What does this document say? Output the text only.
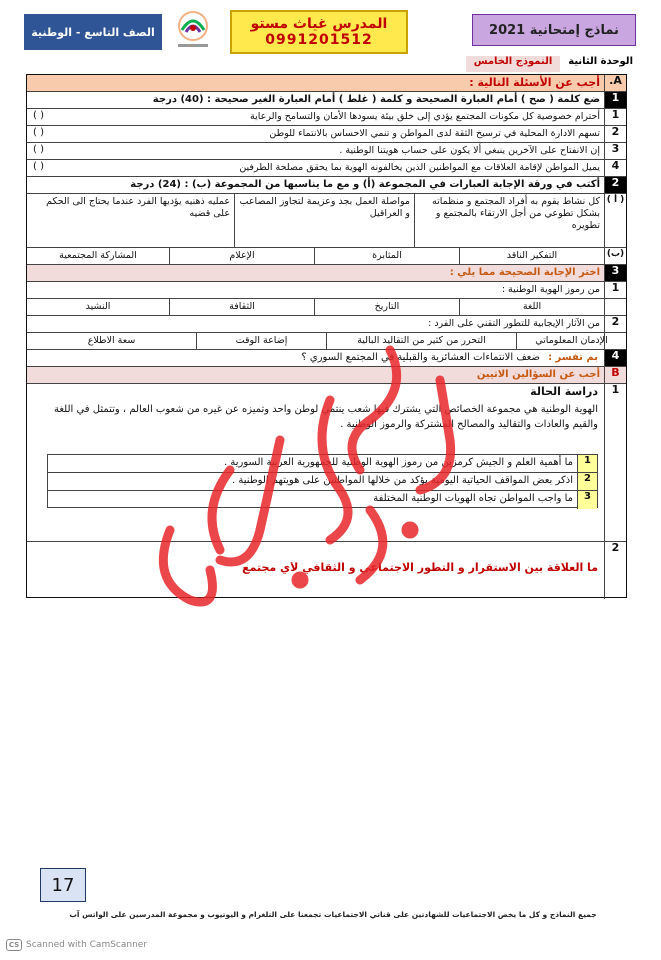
الصف التاسع - الوطنية	المدرس غياث مستو
0991201512
نماذج إمتحانية 2021
الوحدة الثانية
النموذج الخامس
A.
أجب عن الأسئلة التالية :
1
ضع كلمة ( صح ) أمام العبارة الصحيحة و كلمة ( غلط ) أمام العبارة الغير صحيحة : (40) درجة
1
أحترام خصوصية كل مكونات المجتمع يؤدي إلى خلق بيئة يسودها الأمان والتسامح والرعاية
( )
2
تسهم الادارة المحلية في ترسيخ الثقة لدى المواطن و تنمي الاحساس بالانتماء للوطن
( )
3
إن الانفتاح على الآخرين ينبغي ألا يكون على حساب هويتنا الوطنية .
( )
4
يميل المواطن لإقامة العلاقات مع المواطنين الذين يخالفونه الهوية بما يحقق مصلحة الطرفين
( )
2
أكتب في ورقة الإجابة العبارات في المجموعة (أ) و مع ما يناسبها من المجموعة (ب) : (24) درجة
( أ )
كل نشاط يقوم به أفراد المجتمع و منظماته بشكل تطوعي من أجل الارتقاء بالمجتمع و تطويره
مواصلة العمل بجد وعزيمة لتجاوز المصاعب و العراقيل
عمليه ذهنيه يؤديها الفرد عندما يحتاج الى الحكم على قضيه
(ب)
التفكير الناقد
المثابرة
الإعلام
المشاركة المجتمعية
3
اختر الإجابة الصحيحة مما يلي :
1
من رموز الهوية الوطنية :
اللغة
التاريخ
الثقافة
النشيد
2
من الآثار الإيجابية للتطور التقني على الفرد :
الإدمان المعلوماتي
التحرر من كثير من التقاليد البالية
إضاعة الوقت
سعة الاطلاع
4
بم تفسر :
ضعف الانتماءات العشائرية والقبلية في المجتمع السوري ؟
B
أجب عن السؤالين الاتيين
1
دراسة الحالة
الهوية الوطنية هي مجموعة الخصائص التي يشترك فيها شعب ينتمي لوطن واحد وتميزه عن غيره من شعوب العالم ، وتتمثل في اللغة والقيم والعادات والتقاليد والمصالح المشتركة والرموز الوطنية .
1
ما أهمية العلم و الجيش كرمزين من رموز الهوية الوطنية للجمهورية العربية السورية .
2
اذكر بعض المواقف الحياتية اليومية يؤكد من خلالها المواطنين على هويتهم الوطنية .
3
ما واجب المواطن تجاه الهويات الوطنية المختلفة
2
ما العلاقة بين الاستقرار و التطور الاجتماعي و الثقافي لأي مجتمع
17
جميع النماذج و كل ما يخص الاجتماعيات للشهادتين على قناتي الاجتماعيات تجمعنا على التلغرام و اليوتيوب و مجموعة المدرسين على الواتس آب
CS Scanned with CamScanner
